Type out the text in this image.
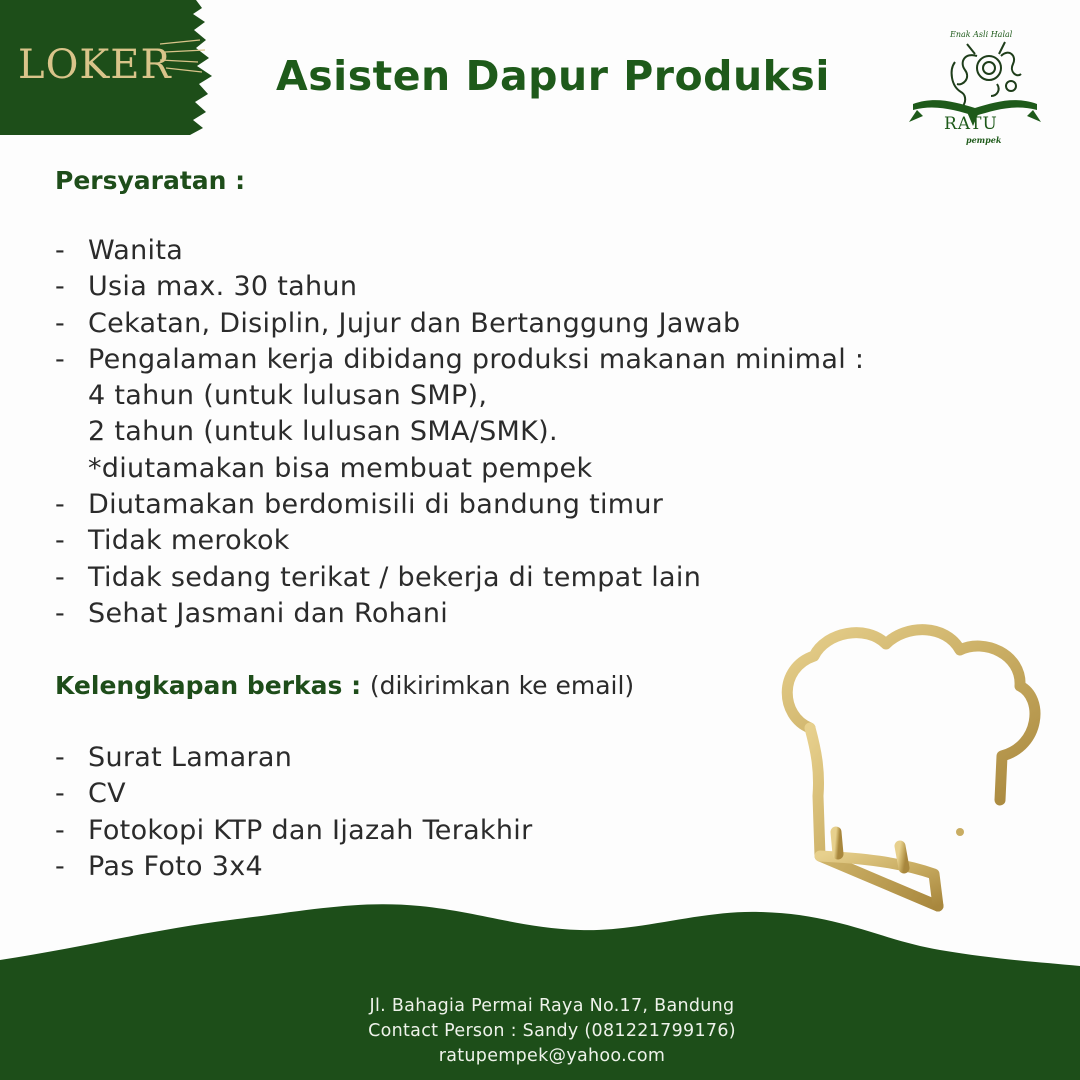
LOKER	Asisten Dapur Produksi
Enak Asli Halal
RATU
pempek
Persyaratan :
- Wanita
- Usia max. 30 tahun
- Cekatan, Disiplin, Jujur dan Bertanggung Jawab
- Pengalaman kerja dibidang produksi makanan minimal :
4 tahun (untuk lulusan SMP),
2 tahun (untuk lulusan SMA/SMK).
*diutamakan bisa membuat pempek
- Diutamakan berdomisili di bandung timur
- Tidak merokok
- Tidak sedang terikat / bekerja di tempat lain
- Sehat Jasmani dan Rohani
Kelengkapan berkas : (dikirimkan ke email)
- Surat Lamaran
- CV
- Fotokopi KTP dan Ijazah Terakhir
- Pas Foto 3x4
Jl. Bahagia Permai Raya No.17, Bandung
Contact Person : Sandy (081221799176)
ratupempek@yahoo.com
